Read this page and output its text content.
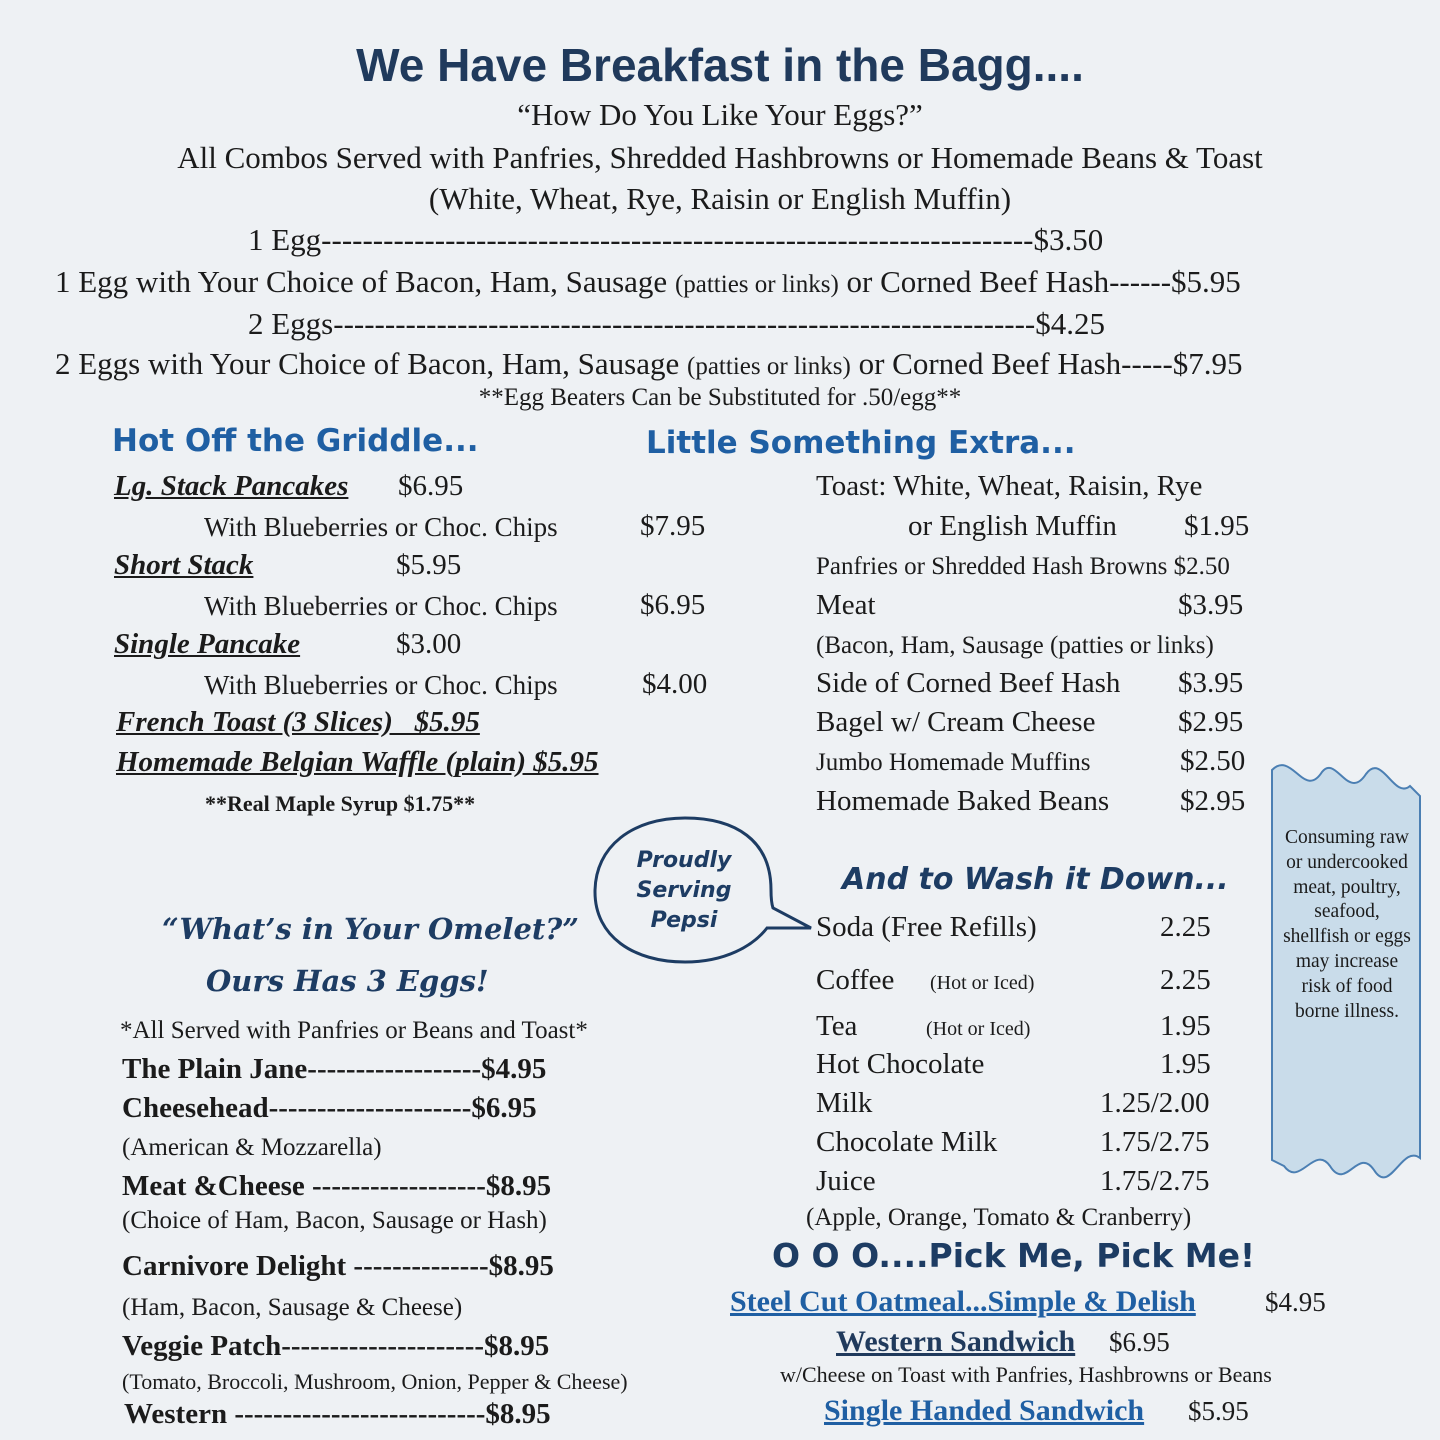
We Have Breakfast in the Bagg....
“How Do You Like Your Eggs?”
All Combos Served with Panfries, Shredded Hashbrowns or Homemade Beans & Toast
(White, Wheat, Rye, Raisin or English Muffin)
1 Egg---------------------------------------------------------------------$3.50
1 Egg with Your Choice of Bacon, Ham, Sausage (patties or links) or Corned Beef Hash------$5.95
2 Eggs--------------------------------------------------------------------$4.25
2 Eggs with Your Choice of Bacon, Ham, Sausage (patties or links) or Corned Beef Hash-----$7.95
**Egg Beaters Can be Substituted for .50/egg**
Hot Off the Griddle...
Lg. Stack Pancakes $6.95
With Blueberries or Choc. Chips	$7.95
Short Stack	$5.95
With Blueberries or Choc. Chips	$6.95
Single Pancake	$3.00
With Blueberries or Choc. Chips	$4.00
French Toast (3 Slices)   $5.95
Homemade Belgian Waffle (plain) $5.95
**Real Maple Syrup $1.75**
Little Something Extra...
Toast: White, Wheat, Raisin, Rye
or English Muffin $1.95
Panfries or Shredded Hash Browns $2.50
Meat	$3.95
(Bacon, Ham, Sausage (patties or links)
Side of Corned Beef Hash $3.95
Bagel w/ Cream Cheese	$2.95
Jumbo Homemade Muffins	$2.50
Homemade Baked Beans $2.95
Consuming raw or undercooked meat, poultry, seafood, shellfish or eggs may increase risk of food borne illness.
Proudly
Serving
Pepsi
And to Wash it Down...
Soda (Free Refills)	2.25
Coffee (Hot or Iced)	2.25
Tea	(Hot or Iced)	1.95
Hot Chocolate	1.95
Milk	1.25/2.00
Chocolate Milk	1.75/2.75
Juice	1.75/2.75
(Apple, Orange, Tomato & Cranberry)
“What’s in Your Omelet?”
Ours Has 3 Eggs!
*All Served with Panfries or Beans and Toast*
The Plain Jane------------------$4.95
Cheesehead---------------------$6.95
(American & Mozzarella)
Meat &Cheese ------------------$8.95
(Choice of Ham, Bacon, Sausage or Hash)
Carnivore Delight --------------$8.95
(Ham, Bacon, Sausage & Cheese)
Veggie Patch---------------------$8.95
(Tomato, Broccoli, Mushroom, Onion, Pepper & Cheese)
Western --------------------------$8.95
O O O....Pick Me, Pick Me!
Steel Cut Oatmeal...Simple & Delish	$4.95
Western Sandwich $6.95
w/Cheese on Toast with Panfries, Hashbrowns or Beans
Single Handed Sandwich $5.95
